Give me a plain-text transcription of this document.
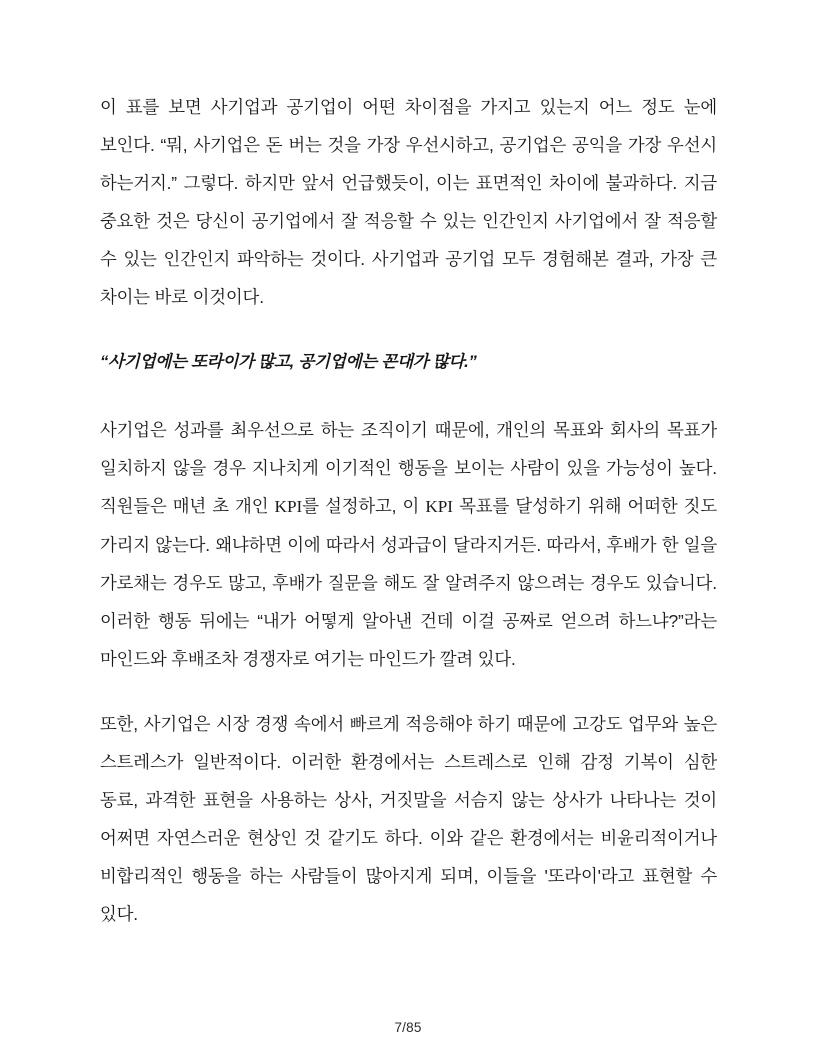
이 표를 보면 사기업과 공기업이 어떤 차이점을 가지고 있는지 어느 정도 눈에 보인다. “뭐, 사기업은 돈 버는 것을 가장 우선시하고, 공기업은 공익을 가장 우선시 하는거지.” 그렇다. 하지만 앞서 언급했듯이, 이는 표면적인 차이에 불과하다. 지금 중요한 것은 당신이 공기업에서 잘 적응할 수 있는 인간인지 사기업에서 잘 적응할 수 있는 인간인지 파악하는 것이다. 사기업과 공기업 모두 경험해본 결과, 가장 큰 차이는 바로 이것이다.

“사기업에는 또라이가 많고, 공기업에는 꼰대가 많다.”

사기업은 성과를 최우선으로 하는 조직이기 때문에, 개인의 목표와 회사의 목표가 일치하지 않을 경우 지나치게 이기적인 행동을 보이는 사람이 있을 가능성이 높다. 직원들은 매년 초 개인 KPI를 설정하고, 이 KPI 목표를 달성하기 위해 어떠한 짓도 가리지 않는다. 왜냐하면 이에 따라서 성과급이 달라지거든. 따라서, 후배가 한 일을 가로채는 경우도 많고, 후배가 질문을 해도 잘 알려주지 않으려는 경우도 있습니다. 이러한 행동 뒤에는 “내가 어떻게 알아낸 건데 이걸 공짜로 얻으려 하느냐?”라는 마인드와 후배조차 경쟁자로 여기는 마인드가 깔려 있다.

또한, 사기업은 시장 경쟁 속에서 빠르게 적응해야 하기 때문에 고강도 업무와 높은 스트레스가 일반적이다. 이러한 환경에서는 스트레스로 인해 감정 기복이 심한 동료, 과격한 표현을 사용하는 상사, 거짓말을 서슴지 않는 상사가 나타나는 것이 어쩌면 자연스러운 현상인 것 같기도 하다. 이와 같은 환경에서는 비윤리적이거나 비합리적인 행동을 하는 사람들이 많아지게 되며, 이들을 '또라이'라고 표현할 수 있다.

7/85
